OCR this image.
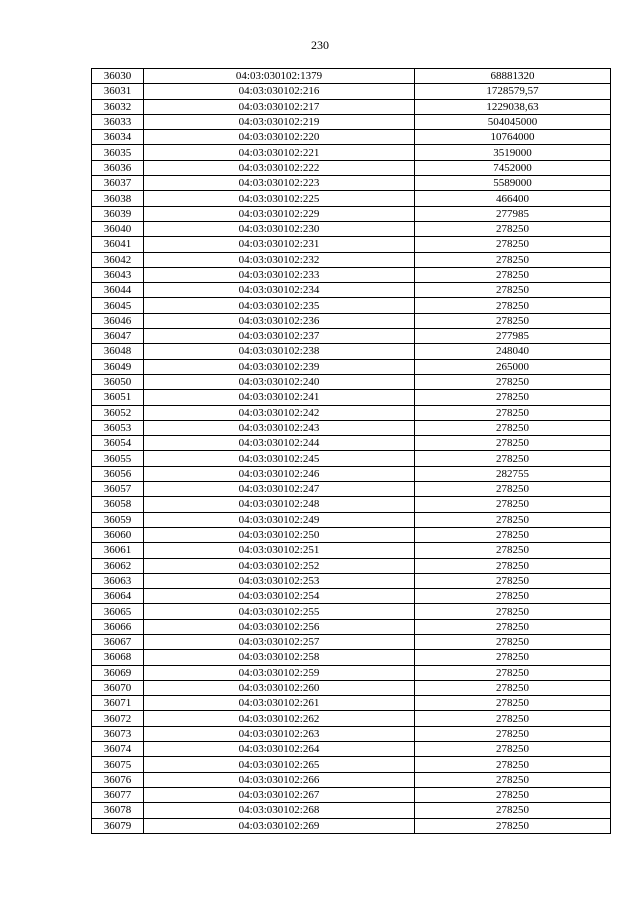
230
36030	04:03:030102:1379	68881320
36031	04:03:030102:216	1728579,57
36032	04:03:030102:217	1229038,63
36033	04:03:030102:219	504045000
36034	04:03:030102:220	10764000
36035	04:03:030102:221	3519000
36036	04:03:030102:222	7452000
36037	04:03:030102:223	5589000
36038	04:03:030102:225	466400
36039	04:03:030102:229	277985
36040	04:03:030102:230	278250
36041	04:03:030102:231	278250
36042	04:03:030102:232	278250
36043	04:03:030102:233	278250
36044	04:03:030102:234	278250
36045	04:03:030102:235	278250
36046	04:03:030102:236	278250
36047	04:03:030102:237	277985
36048	04:03:030102:238	248040
36049	04:03:030102:239	265000
36050	04:03:030102:240	278250
36051	04:03:030102:241	278250
36052	04:03:030102:242	278250
36053	04:03:030102:243	278250
36054	04:03:030102:244	278250
36055	04:03:030102:245	278250
36056	04:03:030102:246	282755
36057	04:03:030102:247	278250
36058	04:03:030102:248	278250
36059	04:03:030102:249	278250
36060	04:03:030102:250	278250
36061	04:03:030102:251	278250
36062	04:03:030102:252	278250
36063	04:03:030102:253	278250
36064	04:03:030102:254	278250
36065	04:03:030102:255	278250
36066	04:03:030102:256	278250
36067	04:03:030102:257	278250
36068	04:03:030102:258	278250
36069	04:03:030102:259	278250
36070	04:03:030102:260	278250
36071	04:03:030102:261	278250
36072	04:03:030102:262	278250
36073	04:03:030102:263	278250
36074	04:03:030102:264	278250
36075	04:03:030102:265	278250
36076	04:03:030102:266	278250
36077	04:03:030102:267	278250
36078	04:03:030102:268	278250
36079	04:03:030102:269	278250
